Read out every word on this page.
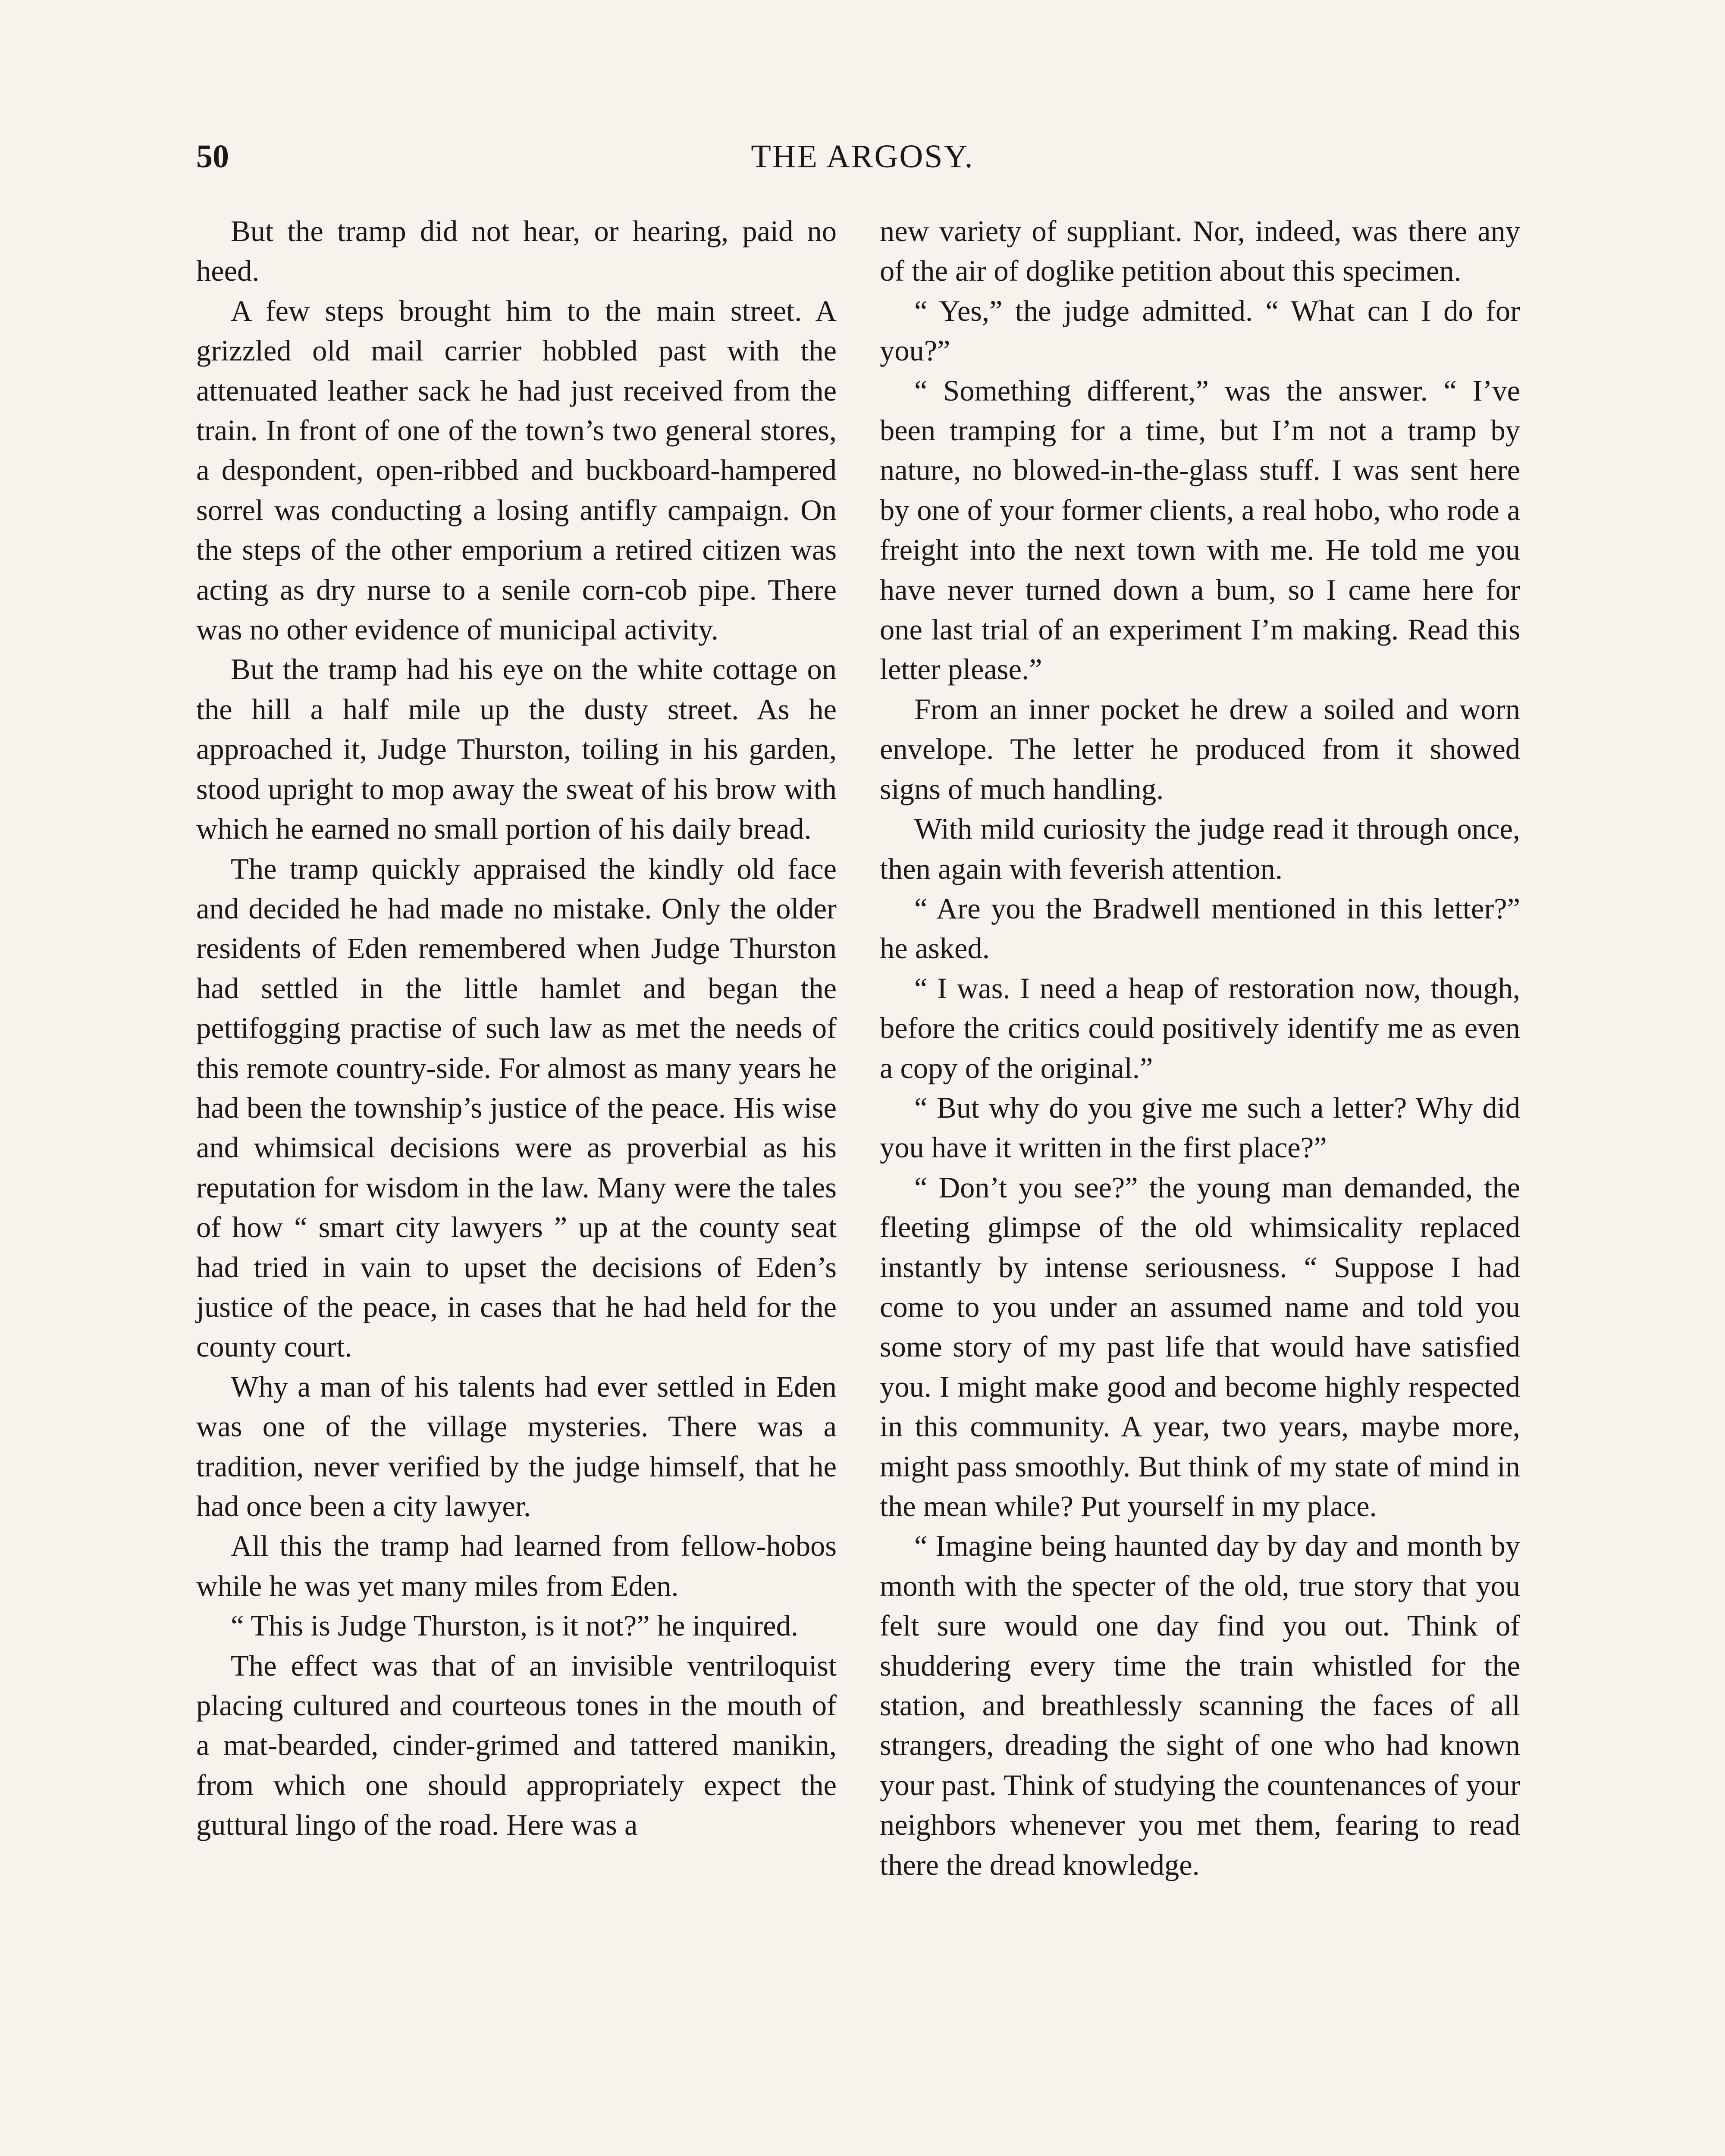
50	THE ARGOSY.

But the tramp did not hear, or hearing, paid no heed.

A few steps brought him to the main street. A grizzled old mail carrier hobbled past with the attenuated leather sack he had just received from the train. In front of one of the town’s two general stores, a despondent, open-ribbed and buckboard-hampered sorrel was conducting a losing antifly campaign. On the steps of the other emporium a retired citizen was acting as dry nurse to a senile corn-cob pipe. There was no other evidence of municipal activity.

But the tramp had his eye on the white cottage on the hill a half mile up the dusty street. As he approached it, Judge Thurston, toiling in his garden, stood upright to mop away the sweat of his brow with which he earned no small portion of his daily bread.

The tramp quickly appraised the kindly old face and decided he had made no mistake. Only the older residents of Eden remembered when Judge Thurston had settled in the little hamlet and began the pettifogging practise of such law as met the needs of this remote country-side. For almost as many years he had been the township’s justice of the peace. His wise and whimsical decisions were as proverbial as his reputation for wisdom in the law. Many were the tales of how “ smart city lawyers ” up at the county seat had tried in vain to upset the decisions of Eden’s justice of the peace, in cases that he had held for the county court.

Why a man of his talents had ever settled in Eden was one of the village mysteries. There was a tradition, never verified by the judge himself, that he had once been a city lawyer.

All this the tramp had learned from fellow-hobos while he was yet many miles from Eden.

“ This is Judge Thurston, is it not?” he inquired.

The effect was that of an invisible ventriloquist placing cultured and courteous tones in the mouth of a mat-bearded, cinder-grimed and tattered manikin, from which one should appropriately expect the guttural lingo of the road. Here was a

new variety of suppliant. Nor, indeed, was there any of the air of doglike petition about this specimen.

“ Yes,” the judge admitted. “ What can I do for you?”

“ Something different,” was the answer. “ I’ve been tramping for a time, but I’m not a tramp by nature, no blowed-in-the-glass stuff. I was sent here by one of your former clients, a real hobo, who rode a freight into the next town with me. He told me you have never turned down a bum, so I came here for one last trial of an experiment I’m making. Read this letter please.”

From an inner pocket he drew a soiled and worn envelope. The letter he produced from it showed signs of much handling.

With mild curiosity the judge read it through once, then again with feverish attention.

“ Are you the Bradwell mentioned in this letter?” he asked.

“ I was. I need a heap of restoration now, though, before the critics could positively identify me as even a copy of the original.”

“ But why do you give me such a letter? Why did you have it written in the first place?”

“ Don’t you see?” the young man demanded, the fleeting glimpse of the old whimsicality replaced instantly by intense seriousness. “ Suppose I had come to you under an assumed name and told you some story of my past life that would have satisfied you. I might make good and become highly respected in this community. A year, two years, maybe more, might pass smoothly. But think of my state of mind in the mean while? Put yourself in my place.

“ Imagine being haunted day by day and month by month with the specter of the old, true story that you felt sure would one day find you out. Think of shuddering every time the train whistled for the station, and breathlessly scanning the faces of all strangers, dreading the sight of one who had known your past. Think of studying the countenances of your neighbors whenever you met them, fearing to read there the dread knowledge.
